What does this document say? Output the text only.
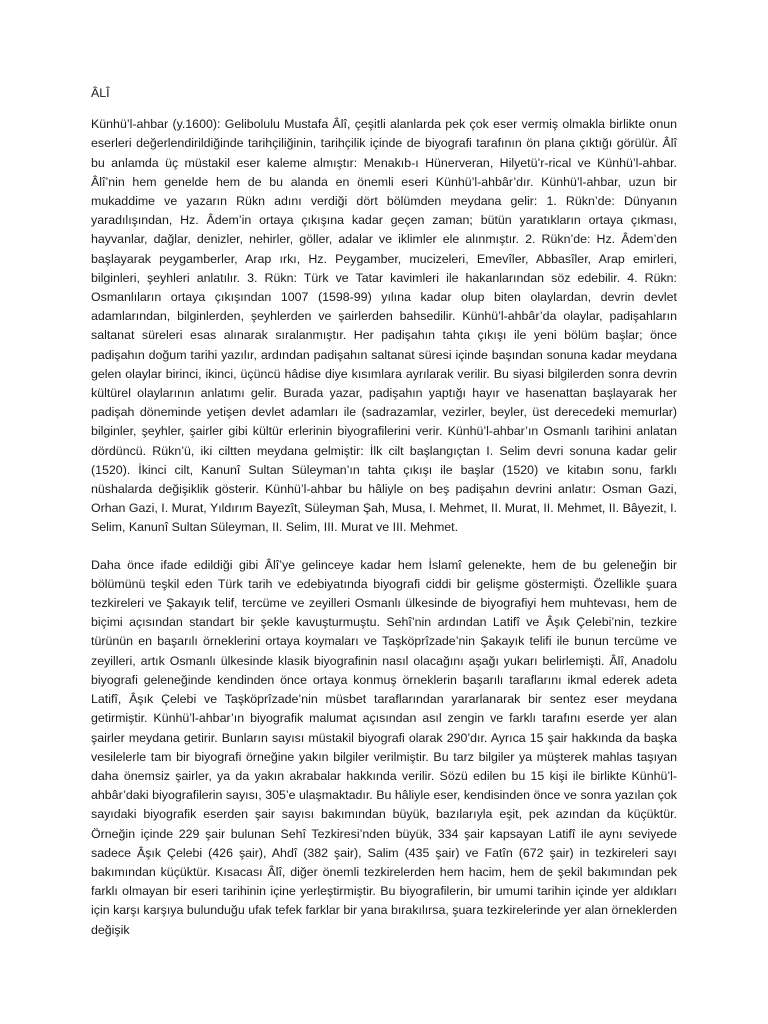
ÂLÎ

Künhü’l-ahbar (y.1600): Gelibolulu Mustafa Âlî, çeşitli alanlarda pek çok eser vermiş olmakla birlikte onun eserleri değerlendirildiğinde tarihçiliğinin, tarihçilik içinde de biyografi tarafının ön plana çıktığı görülür. Âlî bu anlamda üç müstakil eser kaleme almıştır: Menakıb-ı Hünerveran, Hilyetü’r-rical ve Künhü’l-ahbar. Âlî’nin hem genelde hem de bu alanda en önemli eseri Künhü’l-ahbâr’dır. Künhü’l-ahbar, uzun bir mukaddime ve yazarın Rükn adını verdiği dört bölümden meydana gelir: 1. Rükn’de: Dünyanın yaradılışından, Hz. Âdem’in ortaya çıkışına kadar geçen zaman; bütün yaratıkların ortaya çıkması, hayvanlar, dağlar, denizler, nehirler, göller, adalar ve iklimler ele alınmıştır. 2. Rükn’de: Hz. Âdem’den başlayarak peygamberler, Arap ırkı, Hz. Peygamber, mucizeleri, Emevîler, Abbasîler, Arap emirleri, bilginleri, şeyhleri anlatılır. 3. Rükn: Türk ve Tatar kavimleri ile hakanlarından söz edebilir. 4. Rükn: Osmanlıların ortaya çıkışından 1007 (1598-99) yılına kadar olup biten olaylardan, devrin devlet adamlarından, bilginlerden, şeyhlerden ve şairlerden bahsedilir. Künhü’l-ahbâr’da olaylar, padişahların saltanat süreleri esas alınarak sıralanmıştır. Her padişahın tahta çıkışı ile yeni bölüm başlar; önce padişahın doğum tarihi yazılır, ardından padişahın saltanat süresi içinde başından sonuna kadar meydana gelen olaylar birinci, ikinci, üçüncü hâdise diye kısımlara ayrılarak verilir. Bu siyasi bilgilerden sonra devrin kültürel olaylarının anlatımı gelir. Burada yazar, padişahın yaptığı hayır ve hasenattan başlayarak her padişah döneminde yetişen devlet adamları ile (sadrazamlar, vezirler, beyler, üst derecedeki memurlar) bilginler, şeyhler, şairler gibi kültür erlerinin biyografilerini verir. Künhü’l-ahbar’ın Osmanlı tarihini anlatan dördüncü. Rükn’ü, iki ciltten meydana gelmiştir: İlk cilt başlangıçtan I. Selim devri sonuna kadar gelir (1520). İkinci cilt, Kanunî Sultan Süleyman’ın tahta çıkışı ile başlar (1520) ve kitabın sonu, farklı nüshalarda değişiklik gösterir. Künhü’l-ahbar bu hâliyle on beş padişahın devrini anlatır: Osman Gazi, Orhan Gazi, I. Murat, Yıldırım Bayezît, Süleyman Şah, Musa, I. Mehmet, II. Murat, II. Mehmet, II. Bâyezit, I. Selim, Kanunî Sultan Süleyman, II. Selim, III. Murat ve III. Mehmet.

Daha önce ifade edildiği gibi Âlî’ye gelinceye kadar hem İslamî gelenekte, hem de bu geleneğin bir bölümünü teşkil eden Türk tarih ve edebiyatında biyografi ciddi bir gelişme göstermişti. Özellikle şuara tezkireleri ve Şakayık telif, tercüme ve zeyilleri Osmanlı ülkesinde de biyografiyi hem muhtevası, hem de biçimi açısından standart bir şekle kavuşturmuştu. Sehî’nin ardından Latifî ve Âşık Çelebi’nin, tezkire türünün en başarılı örneklerini ortaya koymaları ve Taşköprîzade’nin Şakayık telifi ile bunun tercüme ve zeyilleri, artık Osmanlı ülkesinde klasik biyografinin nasıl olacağını aşağı yukarı belirlemişti. Âlî, Anadolu biyografi geleneğinde kendinden önce ortaya konmuş örneklerin başarılı taraflarını ikmal ederek adeta Latifî, Âşık Çelebi ve Taşköprîzade’nin müsbet taraflarından yararlanarak bir sentez eser meydana getirmiştir. Künhü’l-ahbar’ın biyografik malumat açısından asıl zengin ve farklı tarafını eserde yer alan şairler meydana getirir. Bunların sayısı müstakil biyografi olarak 290’dır. Ayrıca 15 şair hakkında da başka vesilelerle tam bir biyografi örneğine yakın bilgiler verilmiştir. Bu tarz bilgiler ya müşterek mahlas taşıyan daha önemsiz şairler, ya da yakın akrabalar hakkında verilir. Sözü edilen bu 15 kişi ile birlikte Künhü’l-ahbâr’daki biyografilerin sayısı, 305’e ulaşmaktadır. Bu hâliyle eser, kendisinden önce ve sonra yazılan çok sayıdaki biyografik eserden şair sayısı bakımından büyük, bazılarıyla eşit, pek azından da küçüktür. Örneğin içinde 229 şair bulunan Sehî Tezkiresi’nden büyük, 334 şair kapsayan Latifî ile aynı seviyede sadece Âşık Çelebi (426 şair), Ahdî (382 şair), Salim (435 şair) ve Fatîn (672 şair) in tezkireleri sayı bakımından küçüktür. Kısacası Âlî, diğer önemli tezkirelerden hem hacim, hem de şekil bakımından pek farklı olmayan bir eseri tarihinin içine yerleştirmiştir. Bu biyografilerin, bir umumi tarihin içinde yer aldıkları için karşı karşıya bulunduğu ufak tefek farklar bir yana bırakılırsa, şuara tezkirelerinde yer alan örneklerden değişik
